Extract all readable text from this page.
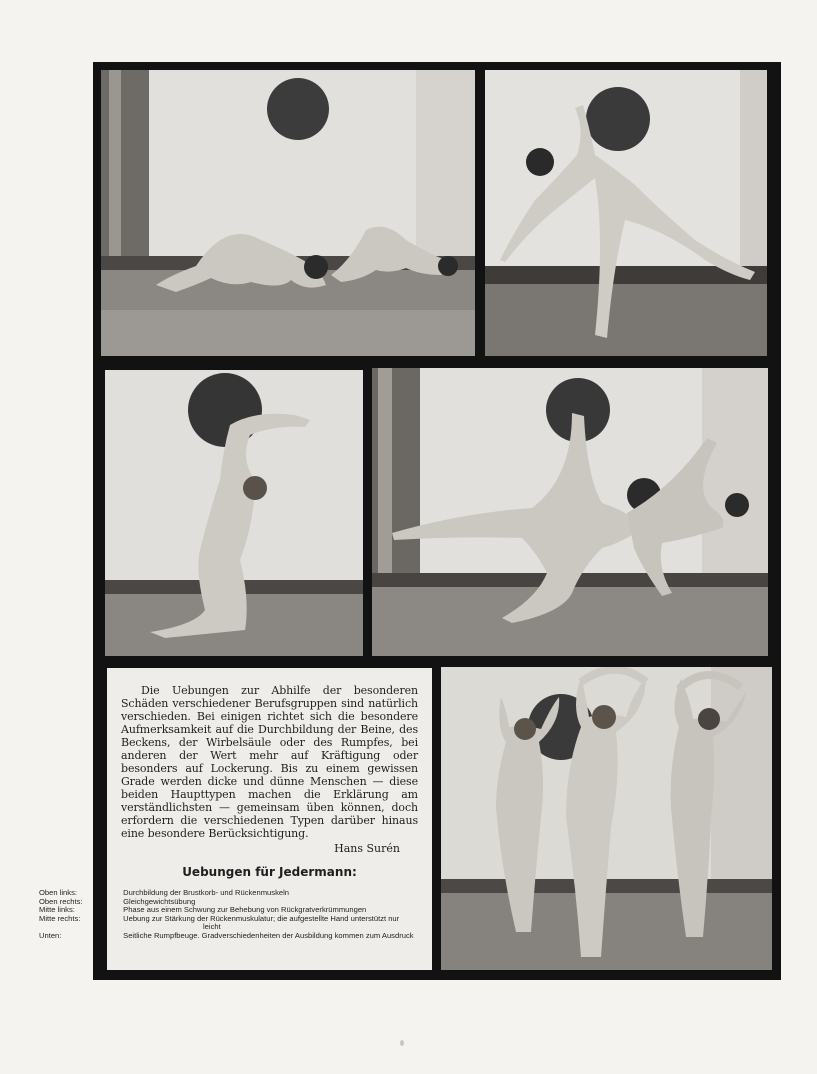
Die Uebungen zur Abhilfe der besonderen Schäden verschiedener Berufsgruppen sind natürlich verschieden. Bei einigen richtet sich die besondere Aufmerksamkeit auf die Durchbildung der Beine, des Beckens, der Wirbelsäule oder des Rumpfes, bei anderen der Wert mehr auf Kräftigung oder besonders auf Lockerung. Bis zu einem gewissen Grade werden dicke und dünne Menschen — diese beiden Haupttypen machen die Erklärung am verständlichsten — gemeinsam üben können, doch erfordern die verschiedenen Typen darüber hinaus eine besondere Berücksichtigung.

Hans Surén

Uebungen für Jedermann:

Oben links:	Durchbildung der Brustkorb- und Rückenmuskeln
Oben rechts:	Gleichgewichtsübung
Mitte links:	Phase aus einem Schwung zur Behebung von Rückgratverkrümmungen
Mitte rechts:	Uebung zur Stärkung der Rückenmuskulatur; die aufgestellte Hand unterstützt nur leicht
Unten:	Seitliche Rumpfbeuge. Gradverschiedenheiten der Ausbildung kommen zum Ausdruck
